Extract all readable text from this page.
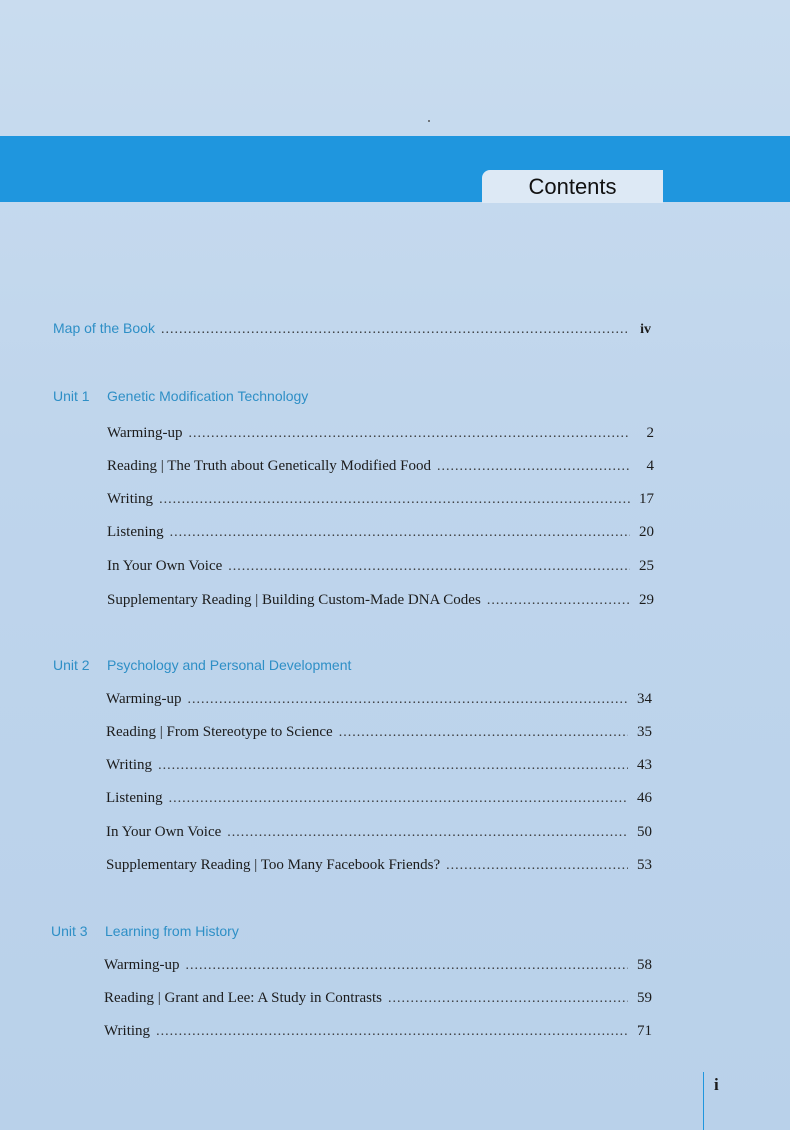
Contents
Map of the Book .....	iv
Unit 1 Genetic Modification Technology
Warming-up .....	2
Reading | The Truth about Genetically Modified Food .....	4
Writing .....	17
Listening .....	20
In Your Own Voice .....	25
Supplementary Reading | Building Custom-Made DNA Codes .....	29
Unit 2 Psychology and Personal Development
Warming-up .....	34
Reading | From Stereotype to Science .....	35
Writing .....	43
Listening .....	46
In Your Own Voice .....	50
Supplementary Reading | Too Many Facebook Friends? .....	53
Unit 3 Learning from History
Warming-up .....	58
Reading | Grant and Lee: A Study in Contrasts .....	59
Writing .....	71
i
